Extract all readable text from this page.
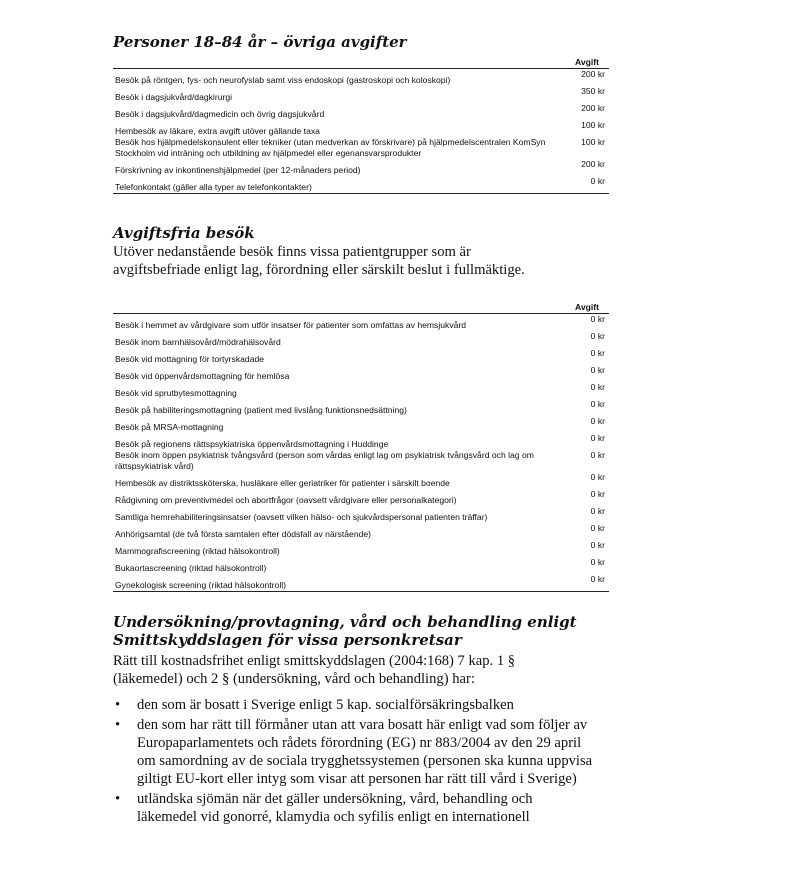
Personer 18–84 år – övriga avgifter
	Avgift
Besök på röntgen, fys- och neurofyslab samt viss endoskopi (gastroskopi och koloskopi)	200 kr
Besök i dagsjukvård/dagkirurgi	350 kr
Besök i dagsjukvård/dagmedicin och övrig dagsjukvård	200 kr
Hembesök av läkare, extra avgift utöver gällande taxa	100 kr
Besök hos hjälpmedelskonsulent eller tekniker (utan medverkan av förskrivare) på hjälpmedelscentralen KomSyn Stockholm vid inträning och utbildning av hjälpmedel eller egenansvarsprodukter	100 kr
Förskrivning av inkontinenshjälpmedel (per 12-månaders period)	200 kr
Telefonkontakt (gäller alla typer av telefonkontakter)	0 kr
Avgiftsfria besök

Utöver nedanstående besök finns vissa patientgrupper som är avgiftsbefriade enligt lag, förordning eller särskilt beslut i fullmäktige.

	Avgift
Besök i hemmet av vårdgivare som utför insatser för patienter som omfattas av hemsjukvård	0 kr
Besök inom barnhälsovård/mödrahälsovård	0 kr
Besök vid mottagning för tortyrskadade	0 kr
Besök vid öppenvårdsmottagning för hemlösa	0 kr
Besök vid sprutbytesmottagning	0 kr
Besök på habiliteringsmottagning (patient med livslång funktionsnedsättning)	0 kr
Besök på MRSA-mottagning	0 kr
Besök på regionens rättspsykiatriska öppenvårdsmottagning i Huddinge	0 kr
Besök inom öppen psykiatrisk tvångsvård (person som vårdas enligt lag om psykiatrisk tvångsvård och lag om rättspsykiatrisk vård)	0 kr
Hembesök av distriktssköterska, husläkare eller geriatriker för patienter i särskilt boende	0 kr
Rådgivning om preventivmedel och abortfrågor (oavsett vårdgivare eller personalkategori)	0 kr
Samtliga hemrehabiliteringsinsatser (oavsett vilken hälso- och sjukvårdspersonal patienten träffar)	0 kr
Anhörigsamtal (de två första samtalen efter dödsfall av närstående)	0 kr
Mammografiscreening (riktad hälsokontroll)	0 kr
Bukaortascreening (riktad hälsokontroll)	0 kr
Gynekologisk screening (riktad hälsokontroll)	0 kr
Undersökning/provtagning, vård och behandling enligt Smittskyddslagen för vissa personkretsar

Rätt till kostnadsfrihet enligt smittskyddslagen (2004:168) 7 kap. 1 § (läkemedel) och 2 § (undersökning, vård och behandling) har:

• den som är bosatt i Sverige enligt 5 kap. socialförsäkringsbalken
• den som har rätt till förmåner utan att vara bosatt här enligt vad som följer av Europaparlamentets och rådets förordning (EG) nr 883/2004 av den 29 april om samordning av de sociala trygghetssystemen (personen ska kunna uppvisa giltigt EU-kort eller intyg som visar att personen har rätt till vård i Sverige)
• utländska sjömän när det gäller undersökning, vård, behandling och läkemedel vid gonorré, klamydia och syfilis enligt en internationell
